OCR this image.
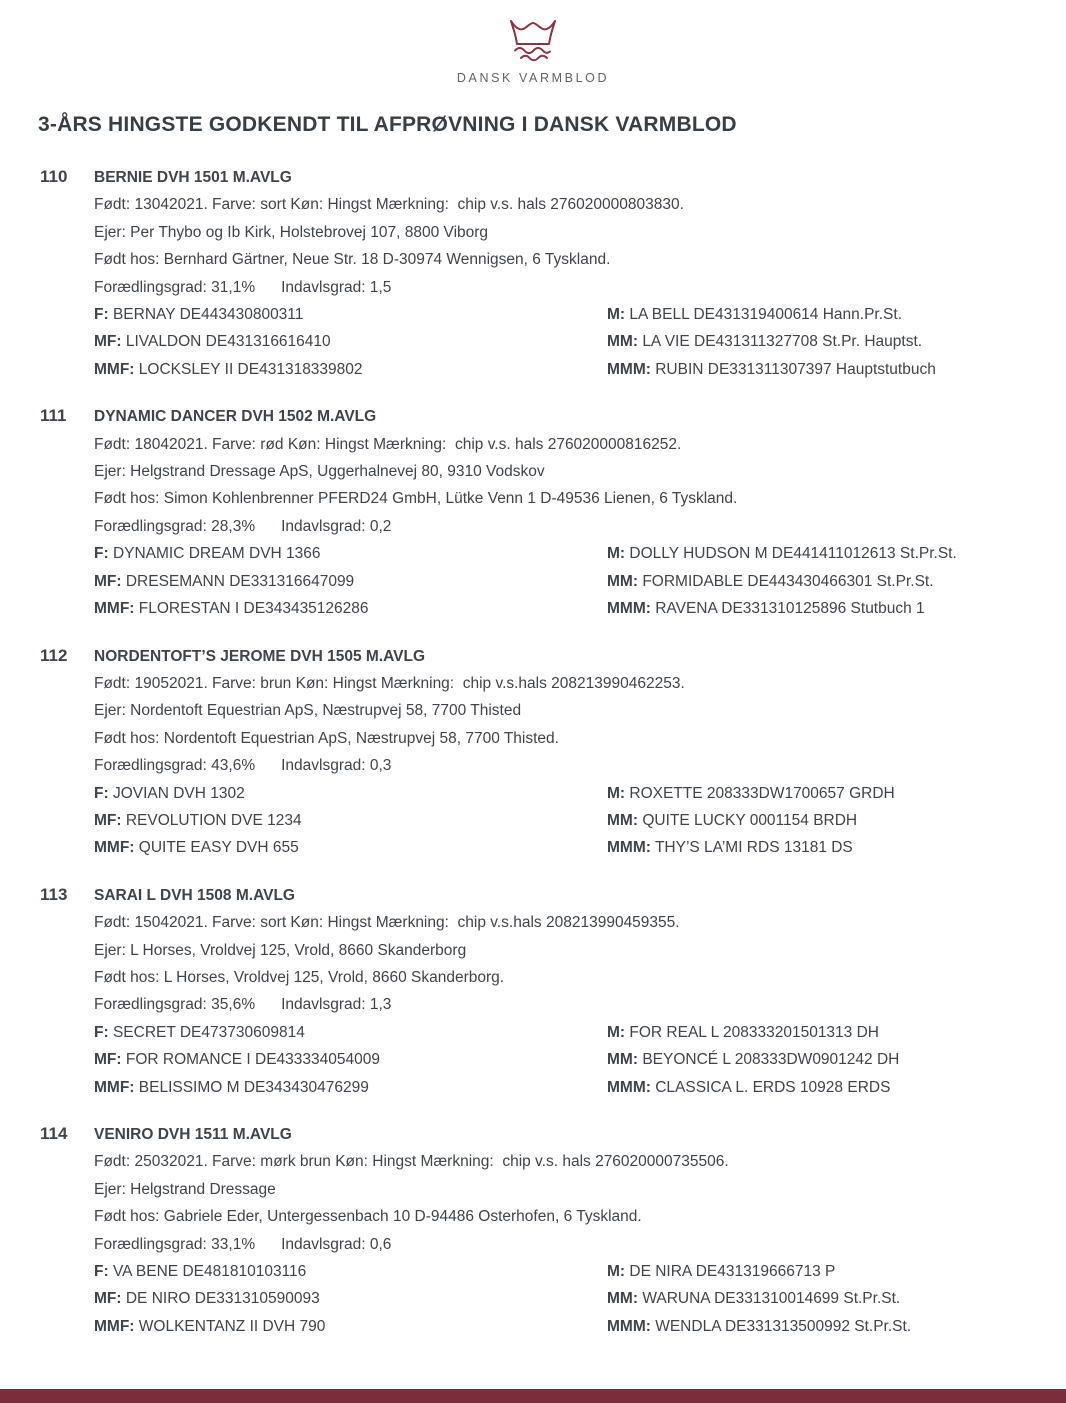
DANSK VARMBLOD
3-ÅRS HINGSTE GODKENDT TIL AFPRØVNING I DANSK VARMBLOD
110 BERNIE DVH 1501 M.AVLG
Født: 13042021. Farve: sort Køn: Hingst Mærkning:  chip v.s. hals 276020000803830.
Ejer: Per Thybo og Ib Kirk, Holstebrovej 107, 8800 Viborg
Født hos: Bernhard Gärtner, Neue Str. 18 D-30974 Wennigsen, 6 Tyskland.
Forædlingsgrad: 31,1% Indavlsgrad: 1,5
F: BERNAY DE443430800311	M: LA BELL DE431319400614 Hann.Pr.St.
MF: LIVALDON DE431316616410	MM: LA VIE DE431311327708 St.Pr. Hauptst.
MMF: LOCKSLEY II DE431318339802	MMM: RUBIN DE331311307397 Hauptstutbuch
111 DYNAMIC DANCER DVH 1502 M.AVLG
Født: 18042021. Farve: rød Køn: Hingst Mærkning:  chip v.s. hals 276020000816252.
Ejer: Helgstrand Dressage ApS, Uggerhalnevej 80, 9310 Vodskov
Født hos: Simon Kohlenbrenner PFERD24 GmbH, Lütke Venn 1 D-49536 Lienen, 6 Tyskland.
Forædlingsgrad: 28,3% Indavlsgrad: 0,2
F: DYNAMIC DREAM DVH 1366	M: DOLLY HUDSON M DE441411012613 St.Pr.St.
MF: DRESEMANN DE331316647099	MM: FORMIDABLE DE443430466301 St.Pr.St.
MMF: FLORESTAN I DE343435126286	MMM: RAVENA DE331310125896 Stutbuch 1
112 NORDENTOFT’S JEROME DVH 1505 M.AVLG
Født: 19052021. Farve: brun Køn: Hingst Mærkning:  chip v.s.hals 208213990462253.
Ejer: Nordentoft Equestrian ApS, Næstrupvej 58, 7700 Thisted
Født hos: Nordentoft Equestrian ApS, Næstrupvej 58, 7700 Thisted.
Forædlingsgrad: 43,6% Indavlsgrad: 0,3
F: JOVIAN DVH 1302	M: ROXETTE 208333DW1700657 GRDH
MF: REVOLUTION DVE 1234	MM: QUITE LUCKY 0001154 BRDH
MMF: QUITE EASY DVH 655	MMM: THY’S LA’MI RDS 13181 DS
113 SARAI L DVH 1508 M.AVLG
Født: 15042021. Farve: sort Køn: Hingst Mærkning:  chip v.s.hals 208213990459355.
Ejer: L Horses, Vroldvej 125, Vrold, 8660 Skanderborg
Født hos: L Horses, Vroldvej 125, Vrold, 8660 Skanderborg.
Forædlingsgrad: 35,6% Indavlsgrad: 1,3
F: SECRET DE473730609814	M: FOR REAL L 208333201501313 DH
MF: FOR ROMANCE I DE433334054009	MM: BEYONCÉ L 208333DW0901242 DH
MMF: BELISSIMO M DE343430476299	MMM: CLASSICA L. ERDS 10928 ERDS
114 VENIRO DVH 1511 M.AVLG
Født: 25032021. Farve: mørk brun Køn: Hingst Mærkning:  chip v.s. hals 276020000735506.
Ejer: Helgstrand Dressage
Født hos: Gabriele Eder, Untergessenbach 10 D-94486 Osterhofen, 6 Tyskland.
Forædlingsgrad: 33,1% Indavlsgrad: 0,6
F: VA BENE DE481810103116	M: DE NIRA DE431319666713 P
MF: DE NIRO DE331310590093	MM: WARUNA DE331310014699 St.Pr.St.
MMF: WOLKENTANZ II DVH 790	MMM: WENDLA DE331313500992 St.Pr.St.
